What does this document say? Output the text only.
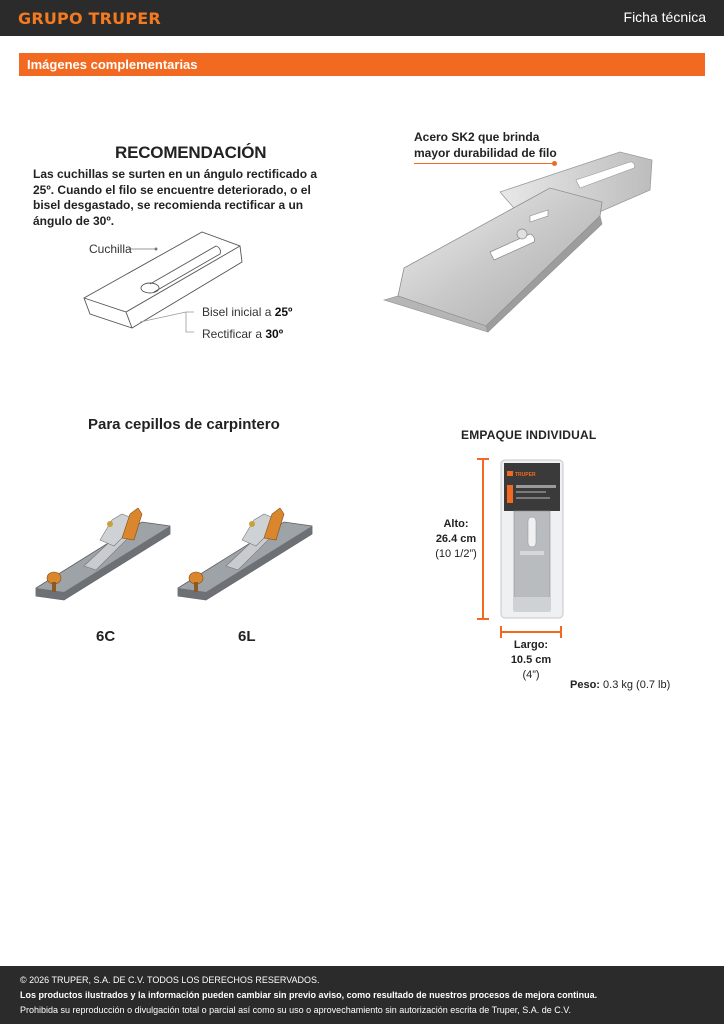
GRUPO TRUPER	Ficha técnica
Imágenes complementarias
RECOMENDACIÓN
Las cuchillas se surten en un ángulo rectificado a 25º. Cuando el filo se encuentre deteriorado, o el bisel desgastado, se recomienda rectificar a un ángulo de 30º.
Cuchilla
Bisel inicial a 25º
Rectificar a 30º
Acero SK2 que brinda
mayor durabilidad de filo
Para cepillos de carpintero
6C	6L
EMPAQUE INDIVIDUAL
Alto:
26.4 cm
(10 1/2”)
Largo:
10.5 cm
(4”)
Peso: 0.3 kg (0.7 lb)
TRUPER
© 2026 TRUPER, S.A. DE C.V. TODOS LOS DERECHOS RESERVADOS.
Los productos ilustrados y la información pueden cambiar sin previo aviso, como resultado de nuestros procesos de mejora continua.
Prohibida su reproducción o divulgación total o parcial así como su uso o aprovechamiento sin autorización escrita de Truper, S.A. de C.V.
